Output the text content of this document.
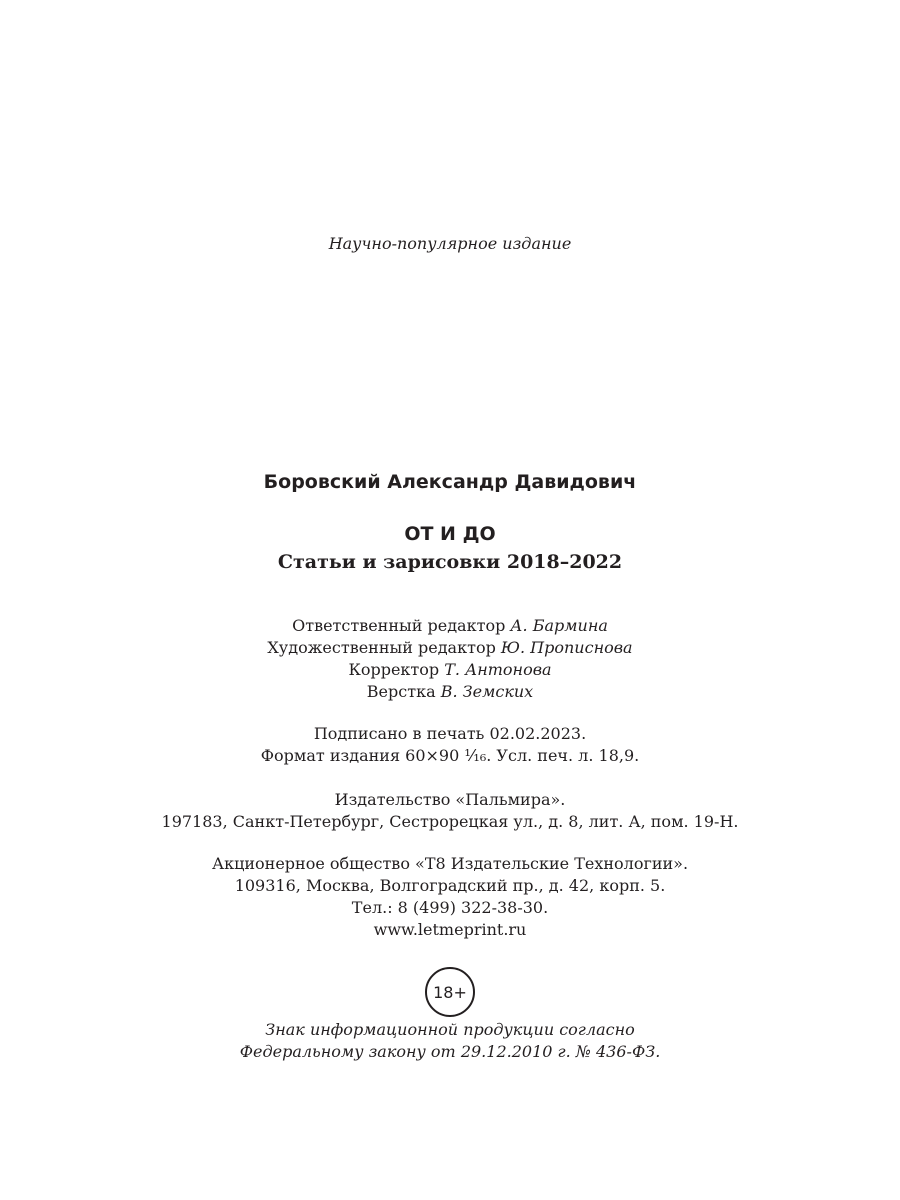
Научно-популярное издание
Боровский Александр Давидович
ОТ И ДО
Статьи и зарисовки 2018–2022
Ответственный редактор А. Бармина
Художественный редактор Ю. Прописнова
Корректор Т. Антонова
Верстка В. Земских
Подписано в печать 02.02.2023.
Формат издания 60×90 ¹⁄₁₆. Усл. печ. л. 18,9.
Издательство «Пальмира».
197183, Санкт-Петербург, Сестрорецкая ул., д. 8, лит. А, пом. 19-Н.
Акционерное общество «Т8 Издательские Технологии».
109316, Москва, Волгоградский пр., д. 42, корп. 5.
Тел.: 8 (499) 322-38-30.
www.letmeprint.ru
18+
Знак информационной продукции согласно
Федеральному закону от 29.12.2010 г. № 436-ФЗ.
